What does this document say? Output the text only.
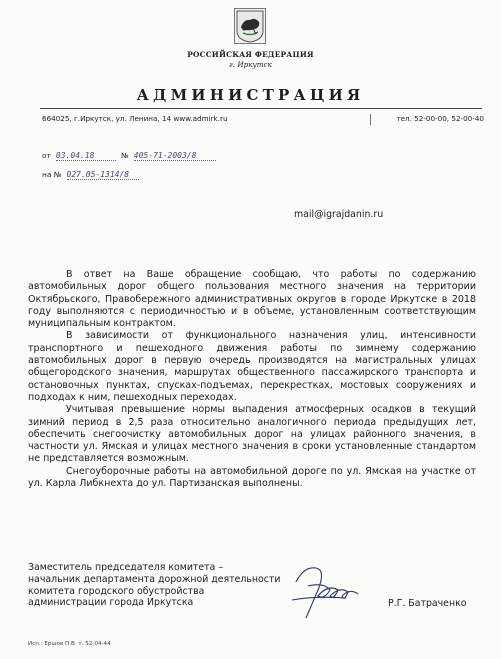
РОССИЙСКАЯ ФЕДЕРАЦИЯ
г. Иркутск
АДМИНИСТРАЦИЯ
664025, г.Иркутск, ул. Ленина, 14 www.admirk.ru	тел. 52-00-00, 52-00-40
от 03.04.18	№ 405-71-2003/8
на № 027.05-1314/8
mail@igrajdanin.ru

В ответ на Ваше обращение сообщаю, что работы по содержанию автомобильных дорог общего пользования местного значения на территории Октябрьского, Правобережного административных округов в городе Иркутске в 2018 году выполняются с периодичностью и в объеме, установленным соответствующим муниципальным контрактом.

В зависимости от функционального назначения улиц, интенсивности транспортного и пешеходного движения работы по зимнему содержанию автомобильных дорог в первую очередь производятся на магистральных улицах общегородского значения, маршрутах общественного пассажирского транспорта и остановочных пунктах, спусках-подъемах, перекрестках, мостовых сооружениях и подходах к ним, пешеходных переходах.

Учитывая превышение нормы выпадения атмосферных осадков в текущий зимний период в 2,5 раза относительно аналогичного периода предыдущих лет, обеспечить снегоочистку автомобильных дорог на улицах районного значения, в частности ул. Ямская и улицах местного значения в сроки установленные стандартом не представляется возможным.

Снегоуборочные работы на автомобильной дороге по ул. Ямская на участке от ул. Карла Либкнехта до ул. Партизанская выполнены.

Заместитель председателя комитета –
начальник департамента дорожной деятельности
комитета городского обустройства
администрации города Иркутска	Р.Г. Батраченко
Исп.: Ершов П.В. т. 52-04-44
